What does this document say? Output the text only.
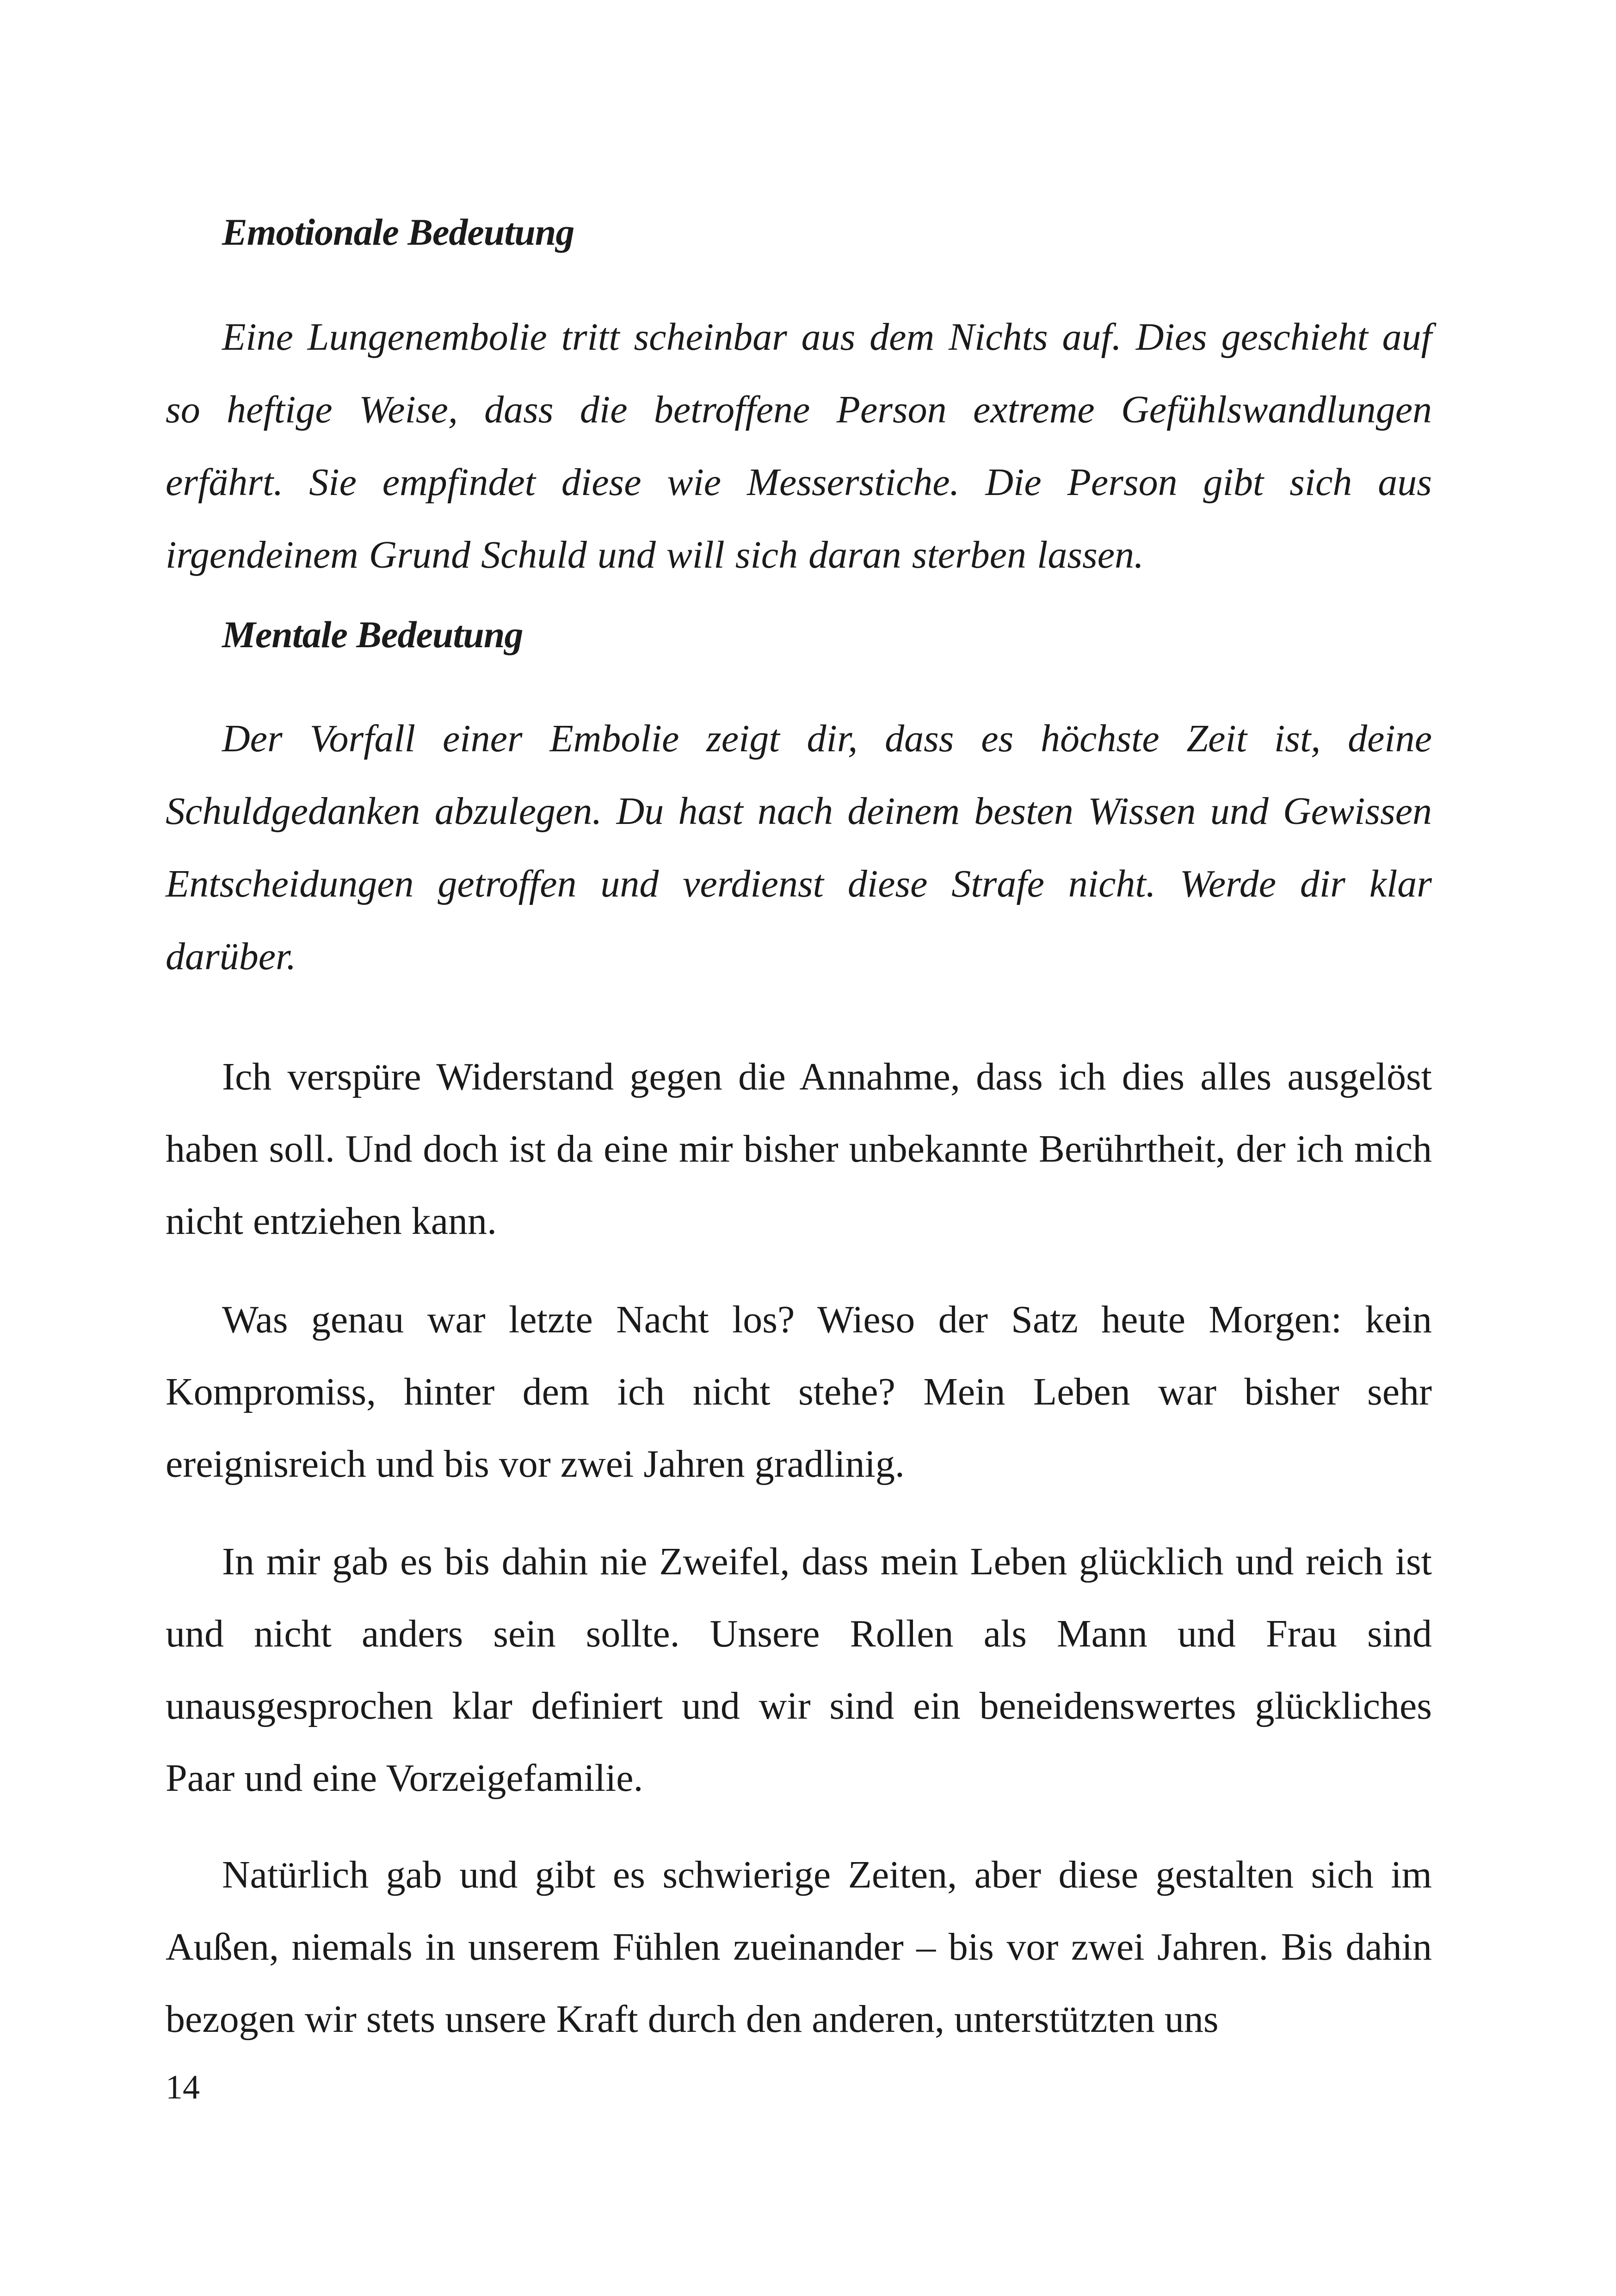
Emotionale Bedeutung

Eine Lungenembolie tritt scheinbar aus dem Nichts auf. Dies geschieht auf so heftige Weise, dass die betroffene Person extreme Gefühlswandlungen erfährt. Sie empfindet diese wie Messerstiche. Die Person gibt sich aus irgendeinem Grund Schuld und will sich daran sterben lassen.

Mentale Bedeutung

Der Vorfall einer Embolie zeigt dir, dass es höchste Zeit ist, deine Schuldgedanken abzulegen. Du hast nach deinem besten Wissen und Gewissen Entscheidungen getroffen und verdienst diese Strafe nicht. Werde dir klar darüber.

Ich verspüre Widerstand gegen die Annahme, dass ich dies alles ausgelöst haben soll. Und doch ist da eine mir bisher unbekannte Berührtheit, der ich mich nicht entziehen kann.

Was genau war letzte Nacht los? Wieso der Satz heute Morgen: kein Kompromiss, hinter dem ich nicht stehe? Mein Leben war bisher sehr ereignisreich und bis vor zwei Jahren gradlinig.

In mir gab es bis dahin nie Zweifel, dass mein Leben glücklich und reich ist und nicht anders sein sollte. Unsere Rollen als Mann und Frau sind unausgesprochen klar definiert und wir sind ein beneidenswertes glückliches Paar und eine Vorzeigefamilie.

Natürlich gab und gibt es schwierige Zeiten, aber diese gestalten sich im Außen, niemals in unserem Fühlen zueinander – bis vor zwei Jahren. Bis dahin bezogen wir stets unsere Kraft durch den anderen, unterstützten uns

14
